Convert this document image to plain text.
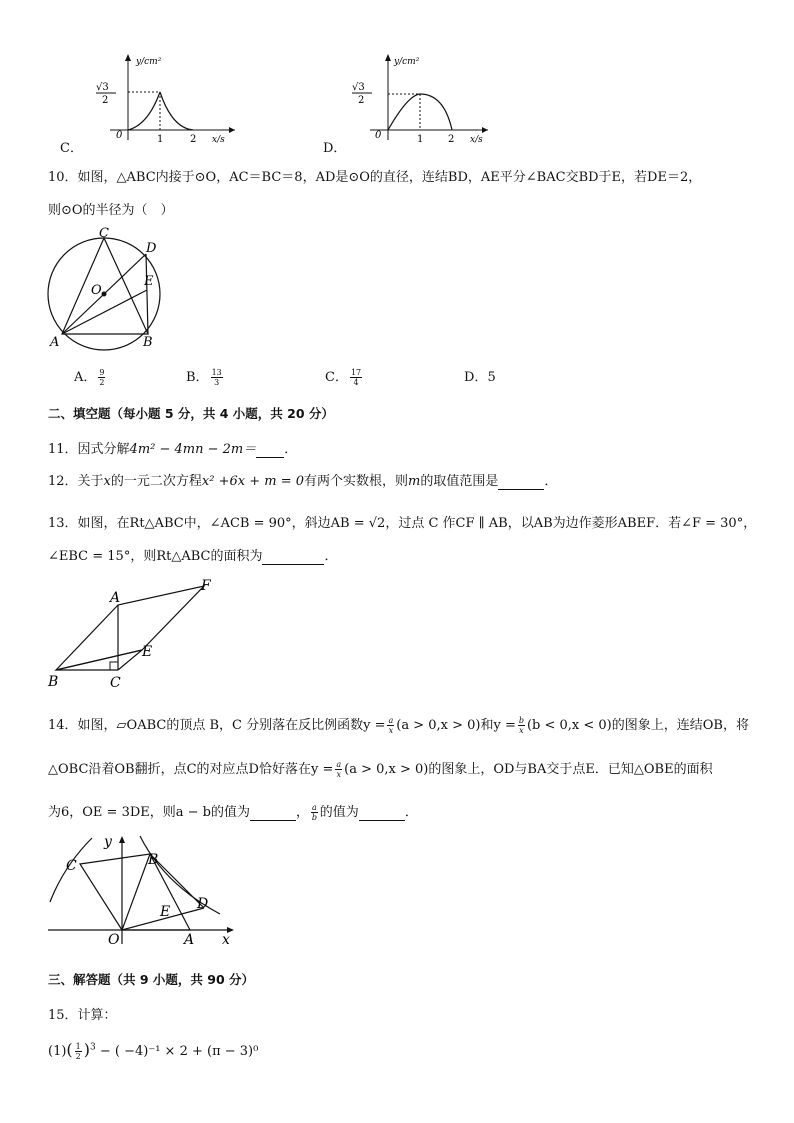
y/cm²
√3
2
0	1	2 x/s
C．
y/cm²
√3
2
0	1 2 x/s
D．
10．如图，△ABC内接于⊙O，AC＝BC＝8，AD是⊙O的直径，连结BD，AE平分∠BAC交BD于E，若DE＝2，
则⊙O的半径为（　）
C
D
E
O
A	B
A． $\frac{9}{2}$	B． $\frac{13}{3}$	C． $\frac{17}{4}$	D．5
二、填空题（每小题 5 分，共 4 小题，共 20 分）
11．因式分解4m² − 4mn − 2m＝ ．
12．关于x的一元二次方程x² +6x + m = 0有两个实数根，则m的取值范围是	．
13．如图，在Rt△ABC中，∠ACB = 90°，斜边AB = √2，过点 C 作CF ∥ AB，以AB为边作菱形ABEF．若∠F = 30°，
∠EBC = 15°，则Rt△ABC的面积为	．
A
F
E
B	C
14．如图，▱OABC的顶点 B，C 分别落在反比例函数$y = \frac{a}{x} (a > 0,x > 0)$和$y = \frac{b}{x} (b < 0,x < 0)$的图象上，连结OB，将
△OBC沿着OB翻折，点C的对应点D恰好落在$y = \frac{a}{x} (a > 0,x > 0)$的图象上，OD与BA交于点E．已知△OBE的面积
为6，OE = 3DE，则a − b的值为	， $\frac{a}{b}$ 的值为	．
y
x
C	B
D
E
O	A
三、解答题（共 9 小题，共 90 分）
15．计算：
$(1)( \frac{1}{2} )^3$ − ( −4)⁻¹ × 2 + (π − 3)⁰
